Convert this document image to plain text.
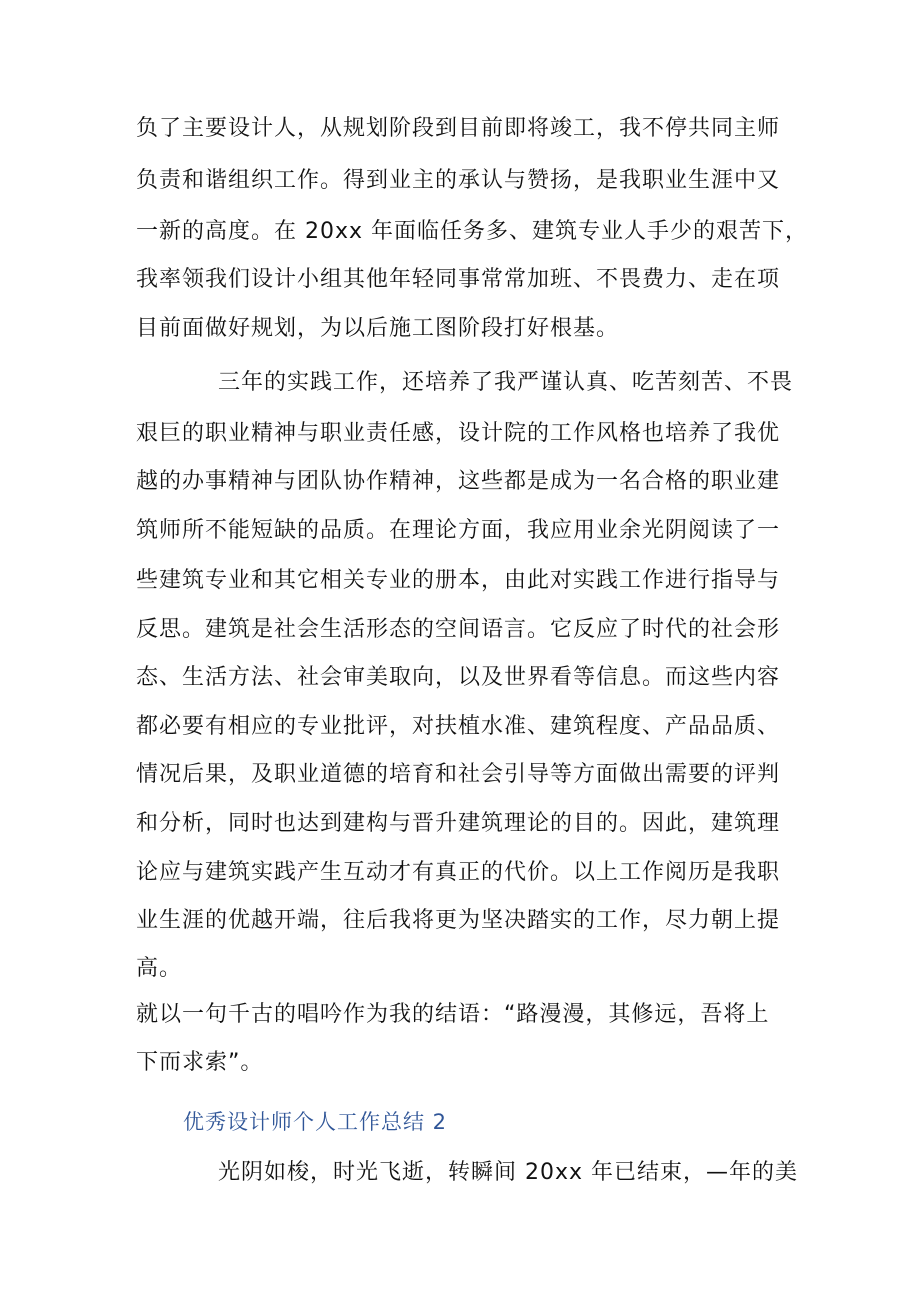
负了主要设计人，从规划阶段到目前即将竣工，我不停共同主师

负责和谐组织工作。得到业主的承认与赞扬，是我职业生涯中又

一新的高度。在 20xx 年面临任务多、建筑专业人手少的艰苦下，

我率领我们设计小组其他年轻同事常常加班、不畏费力、走在项

目前面做好规划，为以后施工图阶段打好根基。

三年的实践工作，还培养了我严谨认真、吃苦刻苦、不畏

艰巨的职业精神与职业责任感，设计院的工作风格也培养了我优

越的办事精神与团队协作精神，这些都是成为一名合格的职业建

筑师所不能短缺的品质。在理论方面，我应用业余光阴阅读了一

些建筑专业和其它相关专业的册本，由此对实践工作进行指导与

反思。建筑是社会生活形态的空间语言。它反应了时代的社会形

态、生活方法、社会审美取向，以及世界看等信息。而这些内容

都必要有相应的专业批评，对扶植水准、建筑程度、产品品质、

情况后果，及职业道德的培育和社会引导等方面做出需要的评判

和分析，同时也达到建构与晋升建筑理论的目的。因此，建筑理

论应与建筑实践产生互动才有真正的代价。以上工作阅历是我职

业生涯的优越开端，往后我将更为坚决踏实的工作，尽力朝上提

高。

就以一句千古的唱吟作为我的结语：“路漫漫，其修远，吾将上

下而求索”。

优秀设计师个人工作总结 2

光阴如梭，时光飞逝，转瞬间 20xx 年已结束，—年的美
